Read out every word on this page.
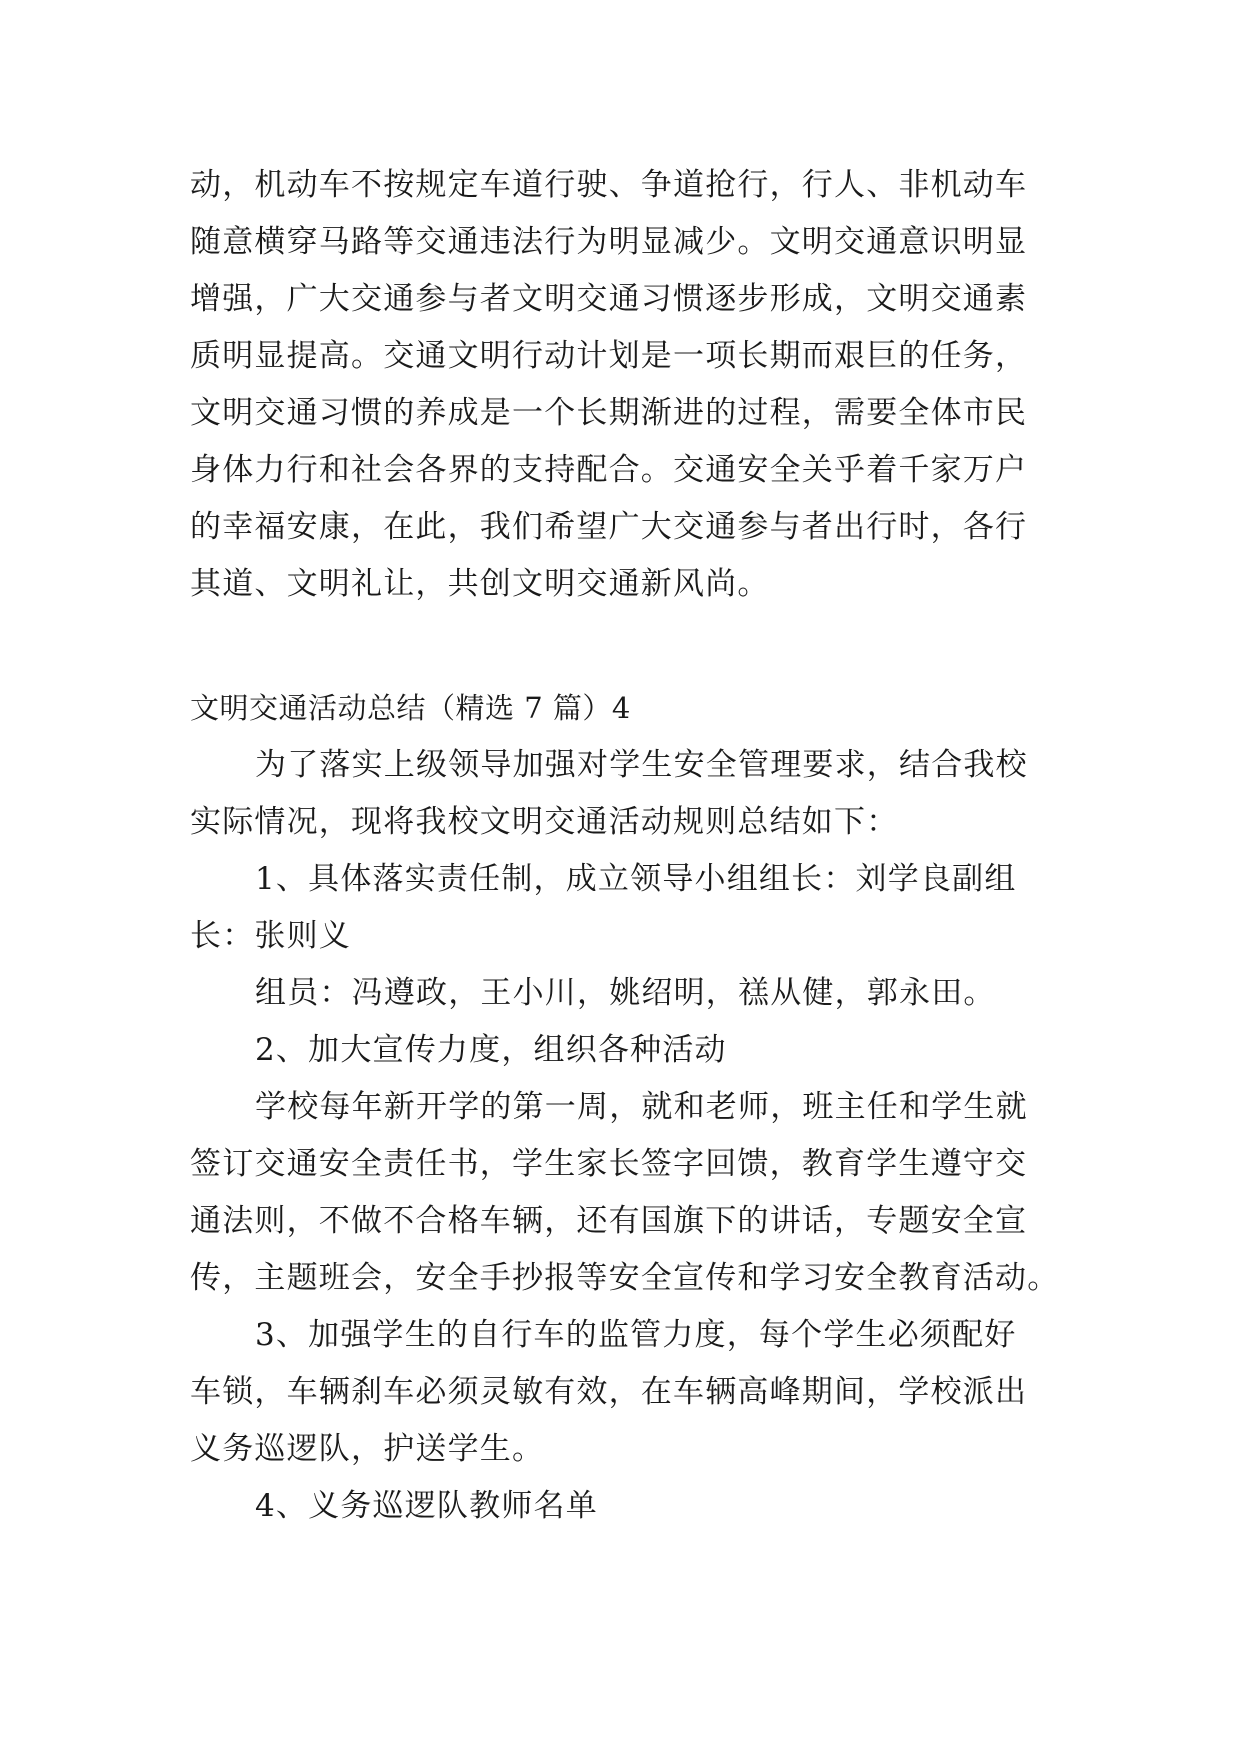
动，机动车不按规定车道行驶、争道抢行，行人、非机动车
随意横穿马路等交通违法行为明显减少。文明交通意识明显
增强，广大交通参与者文明交通习惯逐步形成，文明交通素
质明显提高。交通文明行动计划是一项长期而艰巨的任务，
文明交通习惯的养成是一个长期渐进的过程，需要全体市民
身体力行和社会各界的支持配合。交通安全关乎着千家万户
的幸福安康，在此，我们希望广大交通参与者出行时，各行
其道、文明礼让，共创文明交通新风尚。
文明交通活动总结（精选 7 篇）4
为了落实上级领导加强对学生安全管理要求，结合我校
实际情况，现将我校文明交通活动规则总结如下：
1、具体落实责任制，成立领导小组组长：刘学良副组
长：张则义
组员：冯遵政，王小川，姚绍明，禚从健，郭永田。
2、加大宣传力度，组织各种活动
学校每年新开学的第一周，就和老师，班主任和学生就
签订交通安全责任书，学生家长签字回馈，教育学生遵守交
通法则，不做不合格车辆，还有国旗下的讲话，专题安全宣
传，主题班会，安全手抄报等安全宣传和学习安全教育活动。
3、加强学生的自行车的监管力度，每个学生必须配好
车锁，车辆刹车必须灵敏有效，在车辆高峰期间，学校派出
义务巡逻队，护送学生。
4、义务巡逻队教师名单
